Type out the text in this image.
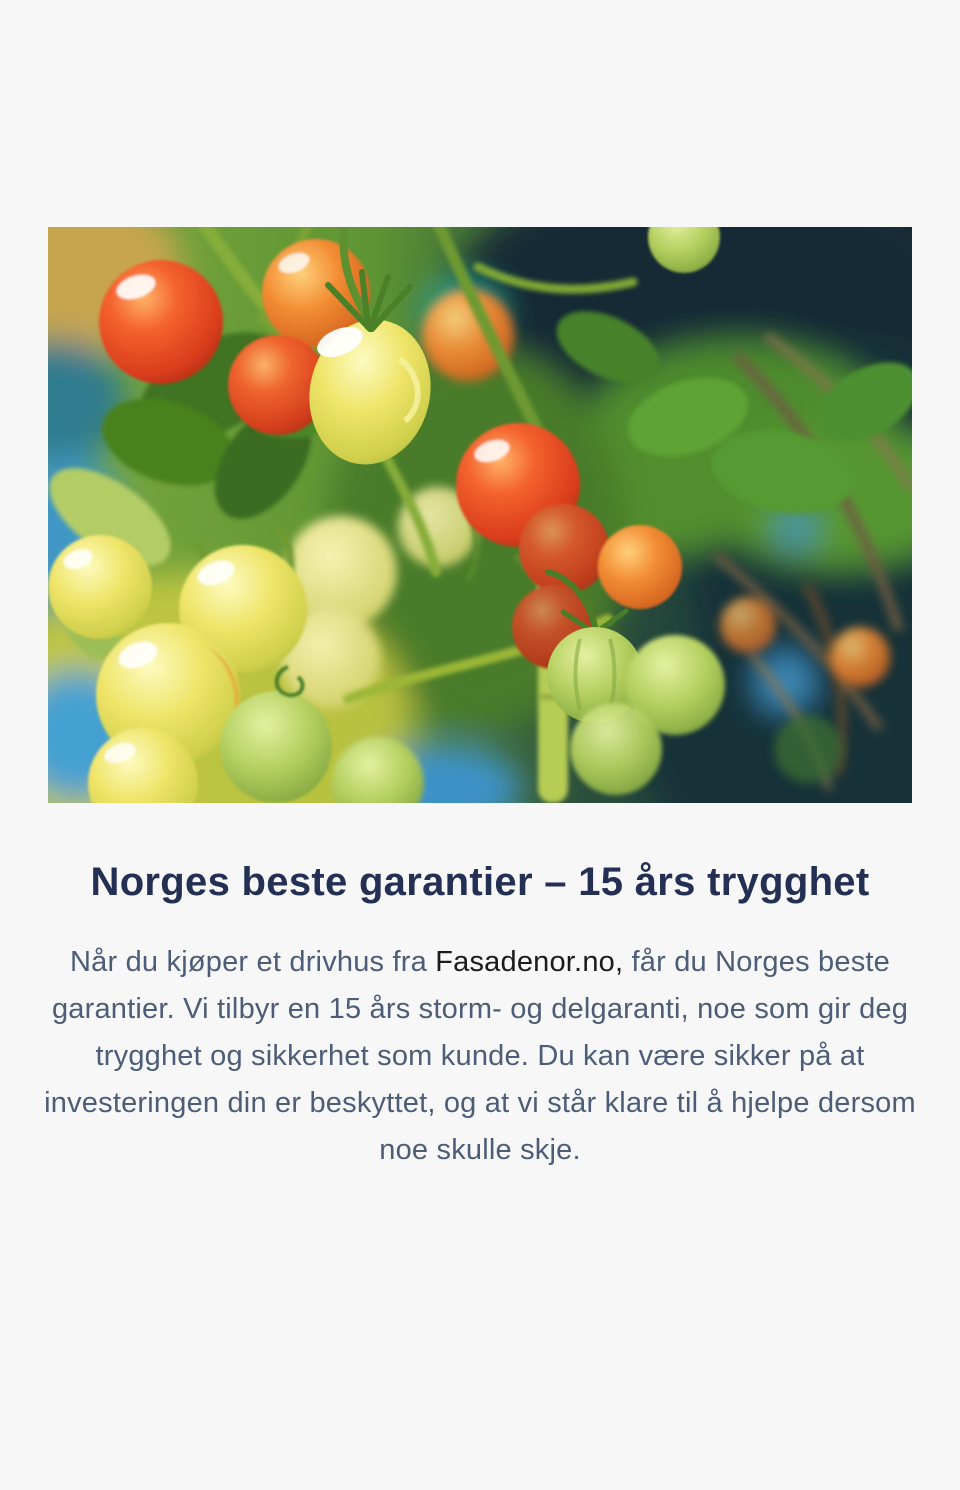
Norges beste garantier – 15 års trygghet

Når du kjøper et drivhus fra Fasadenor.no, får du Norges beste garantier. Vi tilbyr en 15 års storm- og delgaranti, noe som gir deg trygghet og sikkerhet som kunde. Du kan være sikker på at investeringen din er beskyttet, og at vi står klare til å hjelpe dersom noe skulle skje.
